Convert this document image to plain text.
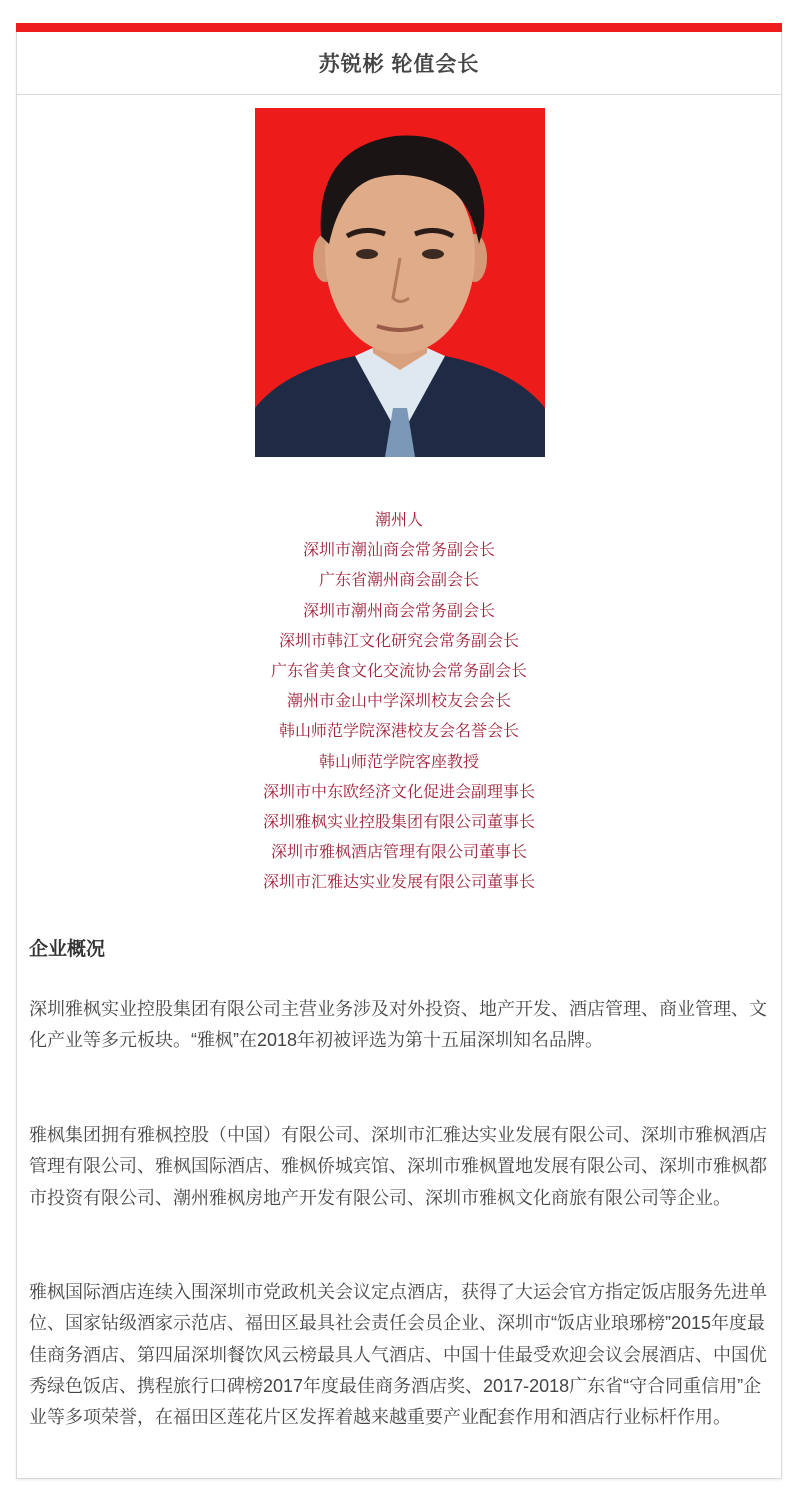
苏锐彬 轮值会长
潮州人
深圳市潮汕商会常务副会长
广东省潮州商会副会长
深圳市潮州商会常务副会长
深圳市韩江文化研究会常务副会长
广东省美食文化交流协会常务副会长
潮州市金山中学深圳校友会会长
韩山师范学院深港校友会名誉会长
韩山师范学院客座教授
深圳市中东欧经济文化促进会副理事长
深圳雅枫实业控股集团有限公司董事长
深圳市雅枫酒店管理有限公司董事长
深圳市汇雅达实业发展有限公司董事长
企业概况

深圳雅枫实业控股集团有限公司主营业务涉及对外投资、地产开发、酒店管理、商业管理、文化产业等多元板块。“雅枫”在2018年初被评选为第十五届深圳知名品牌。

雅枫集团拥有雅枫控股（中国）有限公司、深圳市汇雅达实业发展有限公司、深圳市雅枫酒店管理有限公司、雅枫国际酒店、雅枫侨城宾馆、深圳市雅枫置地发展有限公司、深圳市雅枫都市投资有限公司、潮州雅枫房地产开发有限公司、深圳市雅枫文化商旅有限公司等企业。

雅枫国际酒店连续入围深圳市党政机关会议定点酒店，获得了大运会官方指定饭店服务先进单位、国家钻级酒家示范店、福田区最具社会责任会员企业、深圳市“饭店业琅琊榜”2015年度最佳商务酒店、第四届深圳餐饮风云榜最具人气酒店、中国十佳最受欢迎会议会展酒店、中国优秀绿色饭店、携程旅行口碑榜2017年度最佳商务酒店奖、2017-2018广东省“守合同重信用”企业等多项荣誉，在福田区莲花片区发挥着越来越重要产业配套作用和酒店行业标杆作用。
